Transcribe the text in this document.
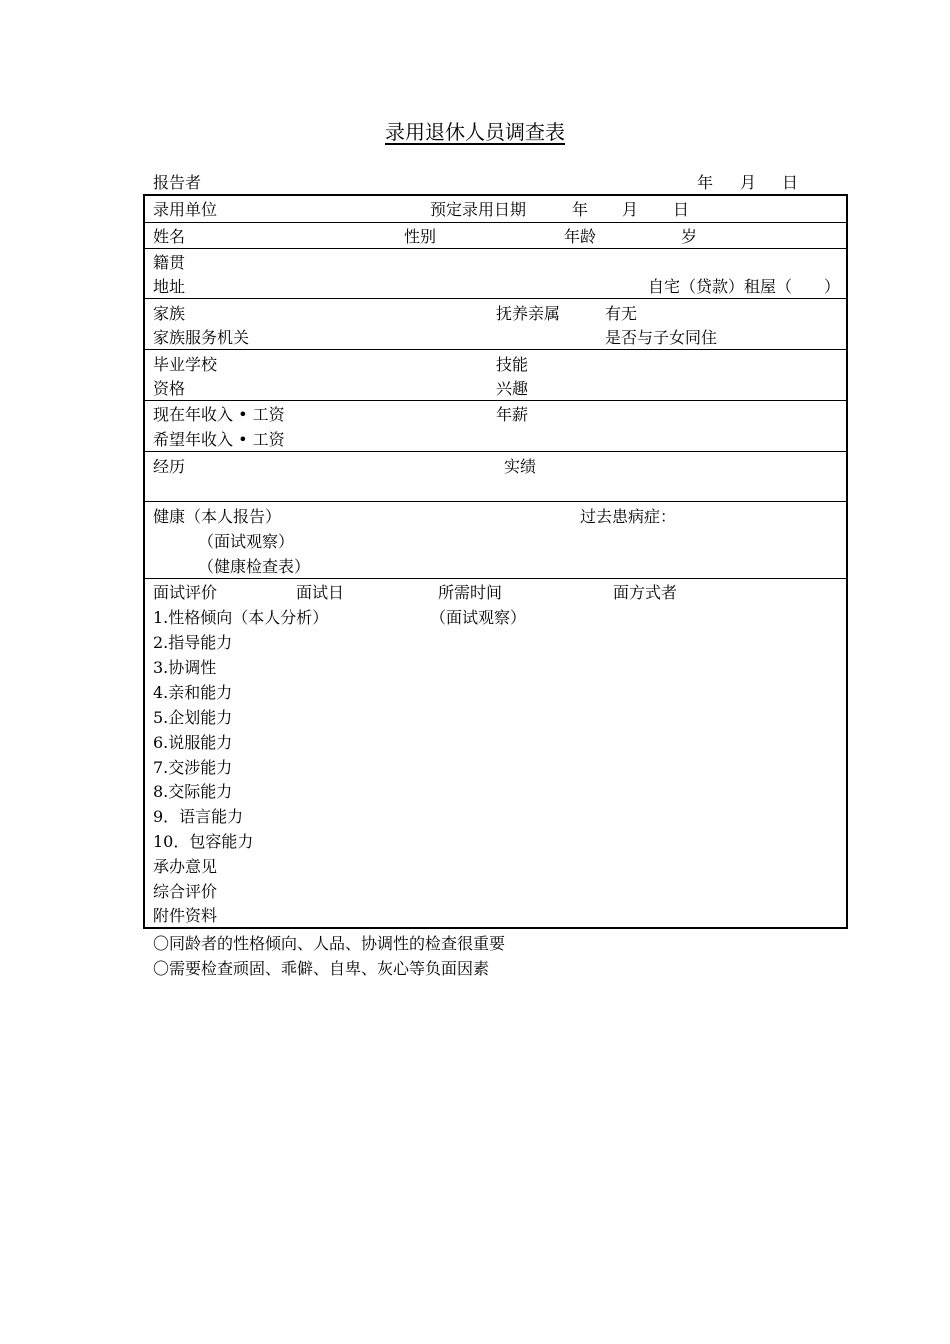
录用退休人员调查表
报告者	年 月 日
录用单位	预定录用日期	年 月 日
姓名	性别	年龄	岁
籍贯
地址	自宅（贷款）租屋（　　）
家族	抚养亲属	有无
家族服务机关	是否与子女同住
毕业学校	技能
资格	兴趣
现在年收入 • 工资	年薪
希望年收入 • 工资
经历	实绩
健康（本人报告）	过去患病症：
（面试观察）
（健康检查表）
面试评价	面试日	所需时间	面方式者
1.性格倾向（本人分析）	（面试观察）
2.指导能力
3.协调性
4.亲和能力
5.企划能力
6.说服能力
7.交涉能力
8.交际能力
9．语言能力
10．包容能力
承办意见
综合评价
附件资料
〇同龄者的性格倾向、人品、协调性的检查很重要
〇需要检查顽固、乖僻、自卑、灰心等负面因素
